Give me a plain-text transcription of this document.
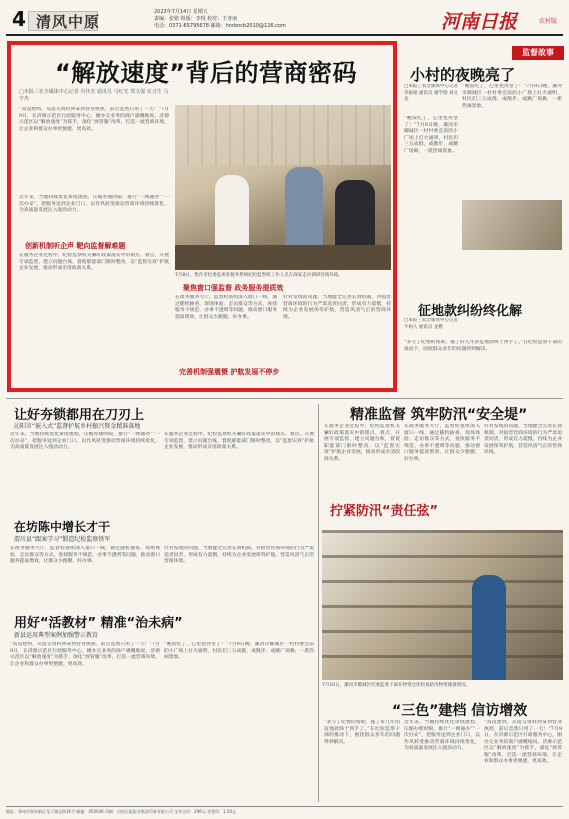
4 清风中原
2023年7月14日 星期五
责编：张铭 组版：李悦 校对：王亚南
电话：0371-65795678 邮箱：hnrbncb2010@126.com	河南日报	农村版
“解放速度”背后的营商密码
□本报三农全媒体中心记者 冯佳杰 通讯员 马红光 郑文强 实习生 马宇杰
“真没想到，从提交资料到拿到营业执照，前后竟然只用了一天！”7月9日，在济源示范区行政服务中心，刚办完业务的商户感慨地说。济源示范区以“解放速度”为抓手，深化“放管服”改革，打造一流营商环境，让企业和群众办事更便捷、更高效。
近年来，当地持续优化审批流程，压缩办理时限，推行“一网通办”“一次办妥”，把服务送到企业门口，以作风转变推动营商环境持续优化，为高质量发展注入强劲动力。
创新机制听企声 靶向监督解难题
在服务企业过程中，纪检监察机关紧盯政策落实中的堵点、难点，开展专项监督，建立问题台账，督促职能部门限时整改，以“监督实效”护航企业发展，推动形成亲清政商关系。
7月8日，集作市纪委监委驻税务系统纪检监察组工作人员在商家走访调研营商环境。
聚焦窗口强监督 政务服务提质效
在政务服务大厅，监督检查组深入窗口一线，通过随机抽查、现场体验、走访群众等方式，查找服务不规范、办事不透明等问题，推动窗口服务提质增效，让群众少跑腿、好办事。
完善机制强震慑 护航发展不停步
针对发现的问题，当地健全完善长效机制，对损害营商环境的行为严肃追责问责，形成有力震慑，持续为企业发展保驾护航，营造风清气正的营商环境。
监督故事
小村的夜晚亮了
□本报三农全媒体中心记者 李振娟 通讯员 谢学瑞 刘文龙
“晚饭吃了，心里也亮堂了！”7月9日晚，漯河市郾城区一村村委会前的小广场上灯火通明，村民们三五成群，或散步、或跳广场舞，一派热闹景象。
“晚饭吃了，心里也亮堂了！”7月9日晚，漯河市郾城区一村村委会前的小广场上灯火通明，村民们三五成群，或散步、或跳广场舞，一派热闹景象。
征地款纠纷终化解
□本报三农全媒体中心记者 牛树人 通讯员 龙楷
“多亏了纪委的帮助，拖了好几年的征地款终于到手了。”在纪检监察干部的推动下，困扰群众多年的问题得到解决。
让好夯锁都用在刀刃上
沁阳市“嵌入式”监督护航乡村振兴资金精准落地
近年来，当地持续优化审批流程，压缩办理时限，推行“一网通办”“一次办妥”，把服务送到企业门口，以作风转变推动营商环境持续优化，为高质量发展注入强劲动力。
在服务企业过程中，纪检监察机关紧盯政策落实中的堵点、难点，开展专项监督，建立问题台账，督促职能部门限时整改，以“监督实效”护航企业发展，推动形成亲清政商关系。
在坊陈中增长才干
渭川县“跟案学习”锻造纪检监察铁军
在政务服务大厅，监督检查组深入窗口一线，通过随机抽查、现场体验、走访群众等方式，查找服务不规范、办事不透明等问题，推动窗口服务提质增效，让群众少跑腿、好办事。
针对发现的问题，当地健全完善长效机制，对损害营商环境的行为严肃追责问责，形成有力震慑，持续为企业发展保驾护航，营造风清气正的营商环境。
用好“活教材” 精准“治未病”
新县运用典型案例加强警示教育
“真没想到，从提交资料到拿到营业执照，前后竟然只用了一天！”7月9日，在济源示范区行政服务中心，刚办完业务的商户感慨地说。济源示范区以“解放速度”为抓手，深化“放管服”改革，打造一流营商环境，让企业和群众办事更便捷、更高效。
“晚饭吃了，心里也亮堂了！”7月9日晚，漯河市郾城区一村村委会前的小广场上灯火通明，村民们三五成群，或散步、或跳广场舞，一派热闹景象。
精准监督 筑牢防汛“安全堤”
在服务企业过程中，纪检监察机关紧盯政策落实中的堵点、难点，开展专项监督，建立问题台账，督促职能部门限时整改，以“监督实效”护航企业发展，推动形成亲清政商关系。
在政务服务大厅，监督检查组深入窗口一线，通过随机抽查、现场体验、走访群众等方式，查找服务不规范、办事不透明等问题，推动窗口服务提质增效，让群众少跑腿、好办事。
针对发现的问题，当地健全完善长效机制，对损害营商环境的行为严肃追责问责，形成有力震慑，持续为企业发展保驾护航，营造风清气正的营商环境。
拧紧防汛“责任弦”
7月10日，漯河市郾城区纪委监委干部在物资仓库检查防汛物资储备情况。
“三色”建档 信访增效
“多亏了纪委的帮助，拖了好几年的征地款终于到手了。”在纪检监察干部的推动下，困扰群众多年的问题得到解决。
近年来，当地持续优化审批流程，压缩办理时限，推行“一网通办”“一次办妥”，把服务送到企业门口，以作风转变推动营商环境持续优化，为高质量发展注入强劲动力。
“真没想到，从提交资料到拿到营业执照，前后竟然只用了一天！”7月9日，在济源示范区行政服务中心，刚办完业务的商户感慨地说。济源示范区以“解放速度”为抓手，深化“放管服”改革，打造一流营商环境，让企业和群众办事更便捷、更高效。
地址：郑州市郑东新区龙子湖北路16号 邮编：450046 印刷：河南日报报业集团印务有限公司 全年定价：296元 零售价：1.50元
